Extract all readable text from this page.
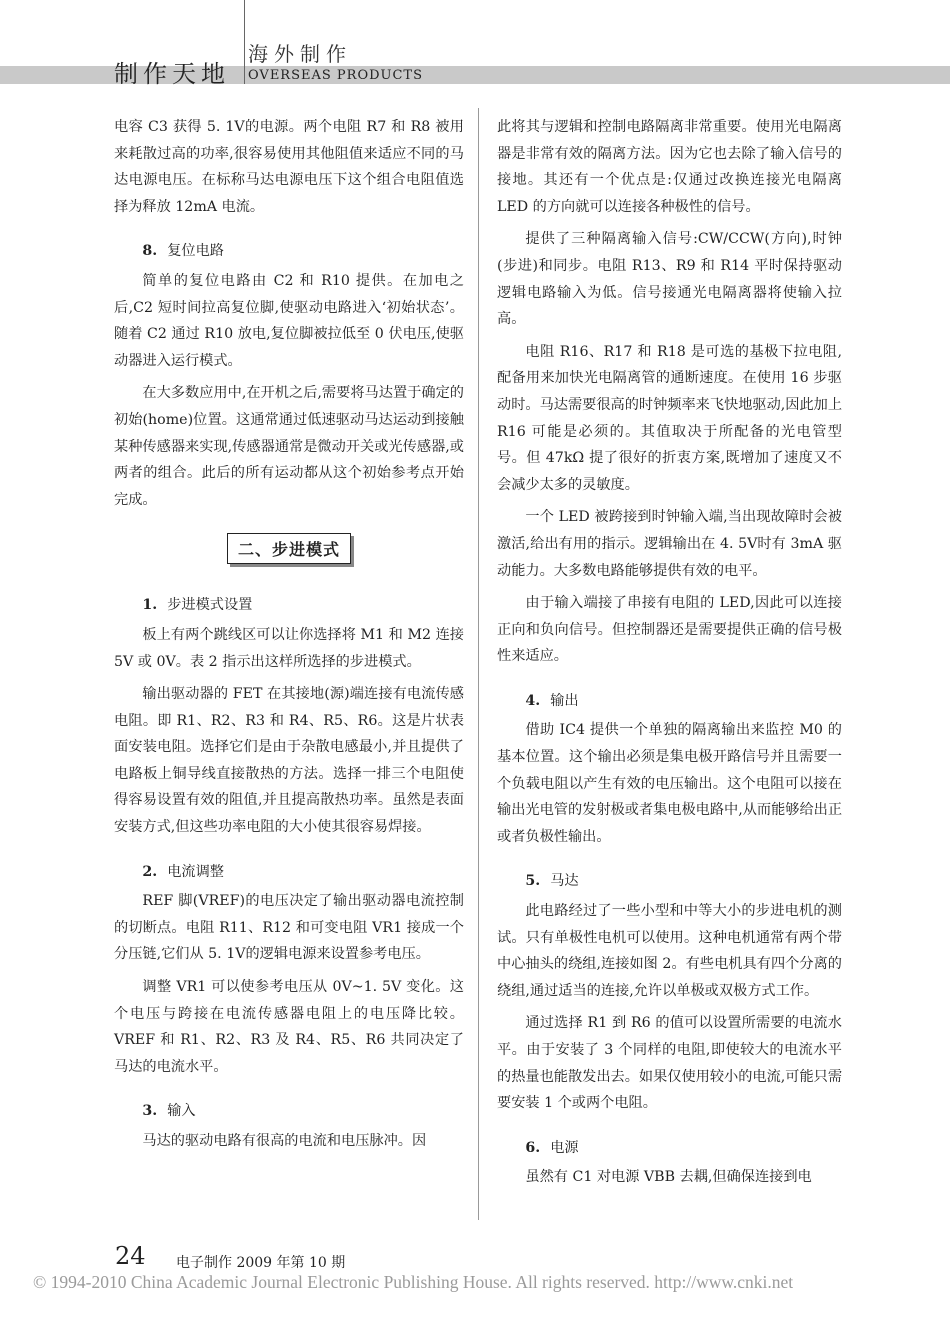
制作天地
海外制作
OVERSEAS PRODUCTS

电容 C3 获得 5. 1V的电源。两个电阻 R7 和 R8 被用来耗散过高的功率,很容易使用其他阻值来适应不同的马达电源电压。在标称马达电源电压下这个组合电阻值选择为释放 12mA 电流。

8. 复位电路

简单的复位电路由 C2 和 R10 提供。在加电之后,C2 短时间拉高复位脚,使驱动电路进入‘初始状态’。随着 C2 通过 R10 放电,复位脚被拉低至 0 伏电压,使驱动器进入运行模式。

在大多数应用中,在开机之后,需要将马达置于确定的初始(home)位置。这通常通过低速驱动马达运动到接触某种传感器来实现,传感器通常是微动开关或光传感器,或两者的组合。此后的所有运动都从这个初始参考点开始完成。

二、步进模式

1. 步进模式设置

板上有两个跳线区可以让你选择将 M1 和 M2 连接 5V 或 0V。表 2 指示出这样所选择的步进模式。

输出驱动器的 FET 在其接地(源)端连接有电流传感电阻。即 R1、R2、R3 和 R4、R5、R6。这是片状表面安装电阻。选择它们是由于杂散电感最小,并且提供了电路板上铜导线直接散热的方法。选择一排三个电阻使得容易设置有效的阻值,并且提高散热功率。虽然是表面安装方式,但这些功率电阻的大小使其很容易焊接。

2. 电流调整

REF 脚(VREF)的电压决定了输出驱动器电流控制的切断点。电阻 R11、R12 和可变电阻 VR1 接成一个分压链,它们从 5. 1V的逻辑电源来设置参考电压。

调整 VR1 可以使参考电压从 0V~1. 5V 变化。这个电压与跨接在电流传感器电阻上的电压降比较。VREF 和 R1、R2、R3 及 R4、R5、R6 共同决定了马达的电流水平。

3. 输入

马达的驱动电路有很高的电流和电压脉冲。因

此将其与逻辑和控制电路隔离非常重要。使用光电隔离器是非常有效的隔离方法。因为它也去除了输入信号的接地。其还有一个优点是:仅通过改换连接光电隔离 LED 的方向就可以连接各种极性的信号。

提供了三种隔离输入信号:CW/CCW(方向),时钟(步进)和同步。电阻 R13、R9 和 R14 平时保持驱动逻辑电路输入为低。信号接通光电隔离器将使输入拉高。

电阻 R16、R17 和 R18 是可选的基极下拉电阻,配备用来加快光电隔离管的通断速度。在使用 16 步驱动时。马达需要很高的时钟频率来飞快地驱动,因此加上 R16 可能是必须的。其值取决于所配备的光电管型号。但 47kΩ 提了很好的折衷方案,既增加了速度又不会减少太多的灵敏度。

一个 LED 被跨接到时钟输入端,当出现故障时会被激活,给出有用的指示。逻辑输出在 4. 5V时有 3mA 驱动能力。大多数电路能够提供有效的电平。

由于输入端接了串接有电阻的 LED,因此可以连接正向和负向信号。但控制器还是需要提供正确的信号极性来适应。

4. 输出

借助 IC4 提供一个单独的隔离输出来监控 M0 的基本位置。这个输出必须是集电极开路信号并且需要一个负载电阻以产生有效的电压输出。这个电阻可以接在输出光电管的发射极或者集电极电路中,从而能够给出正或者负极性输出。

5. 马达

此电路经过了一些小型和中等大小的步进电机的测试。只有单极性电机可以使用。这种电机通常有两个带中心抽头的绕组,连接如图 2。有些电机具有四个分离的绕组,通过适当的连接,允许以单极或双极方式工作。

通过选择 R1 到 R6 的值可以设置所需要的电流水平。由于安装了 3 个同样的电阻,即使较大的电流水平的热量也能散发出去。如果仅使用较小的电流,可能只需要安装 1 个或两个电阻。

6. 电源

虽然有 C1 对电源 VBB 去耦,但确保连接到电

24 电子制作 2009 年第 10 期
© 1994-2010 China Academic Journal Electronic Publishing House. All rights reserved. http://www.cnki.net
